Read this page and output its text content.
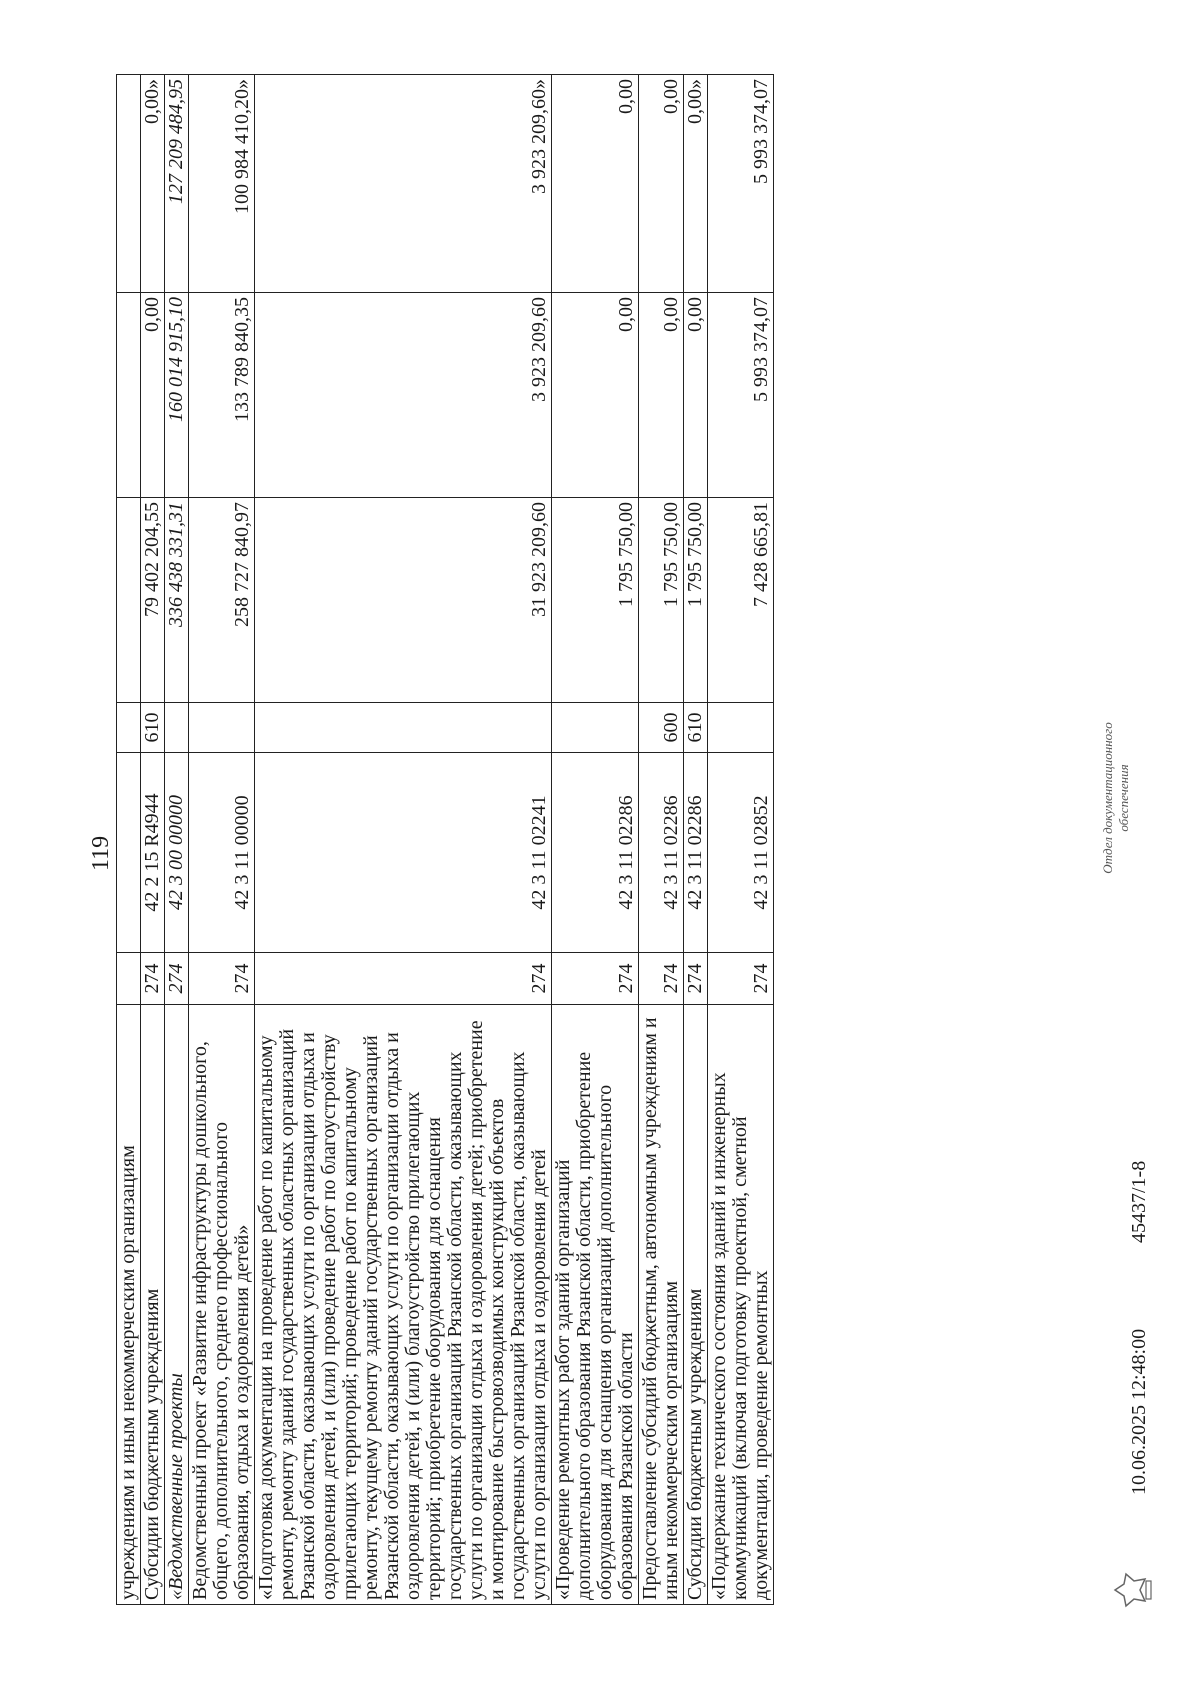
119
учреждениям и иным некоммерческим организациям						
Субсидии бюджетным учреждениям	274	42 2 15 R4944	610	79 402 204,55	0,00	0,00»
«Ведомственные проекты	274	42 3 00 00000		336 438 331,31	160 014 915,10	127 209 484,95
Ведомственный проект «Развитие инфраструктуры дошкольного, общего, дополнительного, среднего профессионального образования, отдыха и оздоровления детей»	274	42 3 11 00000		258 727 840,97	133 789 840,35	100 984 410,20»
«Подготовка документации на проведение работ по капитальному ремонту, ремонту зданий государственных областных организаций Рязанской области, оказывающих услуги по организации отдыха и оздоровления детей, и (или) проведение работ по благоустройству прилегающих территорий; проведение работ по капитальному ремонту, текущему ремонту зданий государственных организаций Рязанской области, оказывающих услуги по организации отдыха и оздоровления детей, и (или) благоустройство прилегающих территорий; приобретение оборудования для оснащения государственных организаций Рязанской области, оказывающих услуги по организации отдыха и оздоровления детей; приобретение и монтирование быстровозводимых конструкций объектов государственных организаций Рязанской области, оказывающих услуги по организации отдыха и оздоровления детей	274	42 3 11 02241		31 923 209,60	3 923 209,60	3 923 209,60»
«Проведение ремонтных работ зданий организаций дополнительного образования Рязанской области, приобретение оборудования для оснащения организаций дополнительного образования Рязанской области	274	42 3 11 02286		1 795 750,00	0,00	0,00
Предоставление субсидий бюджетным, автономным учреждениям и иным некоммерческим организациям	274	42 3 11 02286	600	1 795 750,00	0,00	0,00
Субсидии бюджетным учреждениям	274	42 3 11 02286	610	1 795 750,00	0,00	0,00»
«Поддержание технического состояния зданий и инженерных коммуникаций (включая подготовку проектной, сметной документации, проведение ремонтных	274	42 3 11 02852		7 428 665,81	5 993 374,07	5 993 374,07
10.06.2025 12:48:00
45437/1-8
Отдел документационного обеспечения
